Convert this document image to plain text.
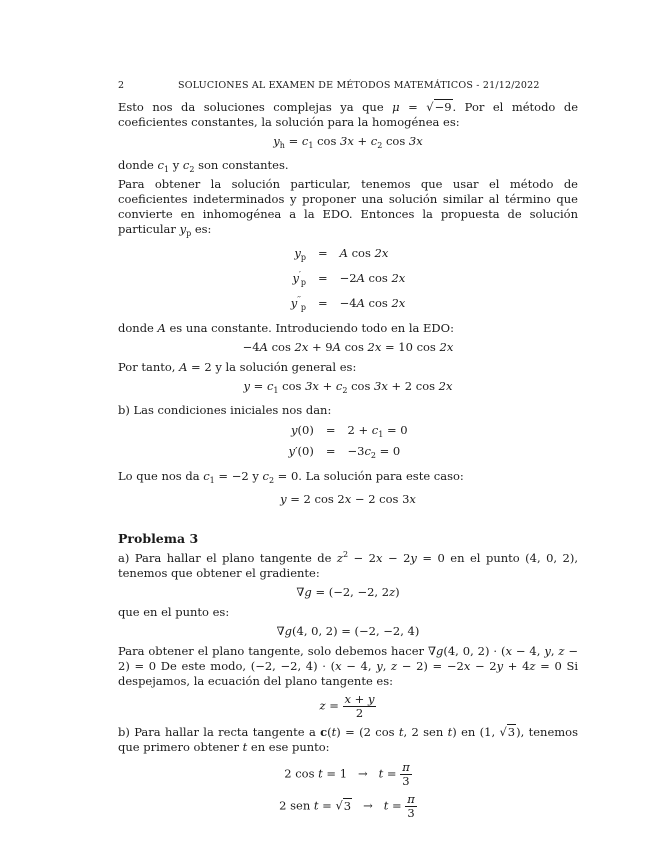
2	SOLUCIONES AL EXAMEN DE MÉTODOS MATEMÁTICOS - 21/12/2022

Esto nos da soluciones complejas ya que μ = √−9. Por el método de coeficientes constantes, la solución para la homogénea es:

$y_h = c_1$ $\cos 3x + c_2$ cos 3x

donde $c_1$ y $c_2$ son constantes.

Para obtener la solución particular, tenemos que usar el método de coeficientes indeterminados y proponer una solución similar al término que convierte en inhomogénea a la EDO. Entonces la propuesta de solución particular $y_p$ es:

$y_p$	=	A cos 2x
$y'_p$	=	−2A cos 2x
$y''_p$	=	−4A cos 2x

donde A es una constante. Introduciendo todo en la EDO:

−4A cos 2x + 9A cos 2x = 10 cos 2x

Por tanto, A = 2 y la solución general es:

$y = c_1$ $\cos 3x + c_2$ cos 3x + 2 cos 2x

b) Las condiciones iniciales nos dan:

y(0)	=	$2 + c_1 = 0$
y′(0)	=	$-3c_2 = 0$

Lo que nos da $c_1 = -2$ y $c_2 = 0$. La solución para este caso:

y = 2 cos 2x − 2 cos 3x
Problema 3

a) Para hallar el plano tangente de $z^2 - 2x - 2y = 0$ en el punto (4, 0, 2), tenemos que obtener el gradiente:

∇g = (−2, −2, 2z)

que en el punto es:

∇g(4, 0, 2) = (−2, −2, 4)

Para obtener el plano tangente, solo debemos hacer ∇g(4, 0, 2) · (x − 4, y, z − 2) = 0 De este modo, (−2, −2, 4) · (x − 4, y, z − 2) = −2x − 2y + 4z = 0 Si despejamos, la ecuación del plano tangente es:

$z = \frac{x + y}{2}$

b) Para hallar la recta tangente a c(t) = (2 cos t, 2 sen t) en (1, √3), tenemos que primero obtener t en ese punto:

2 $\cos t = 1 \to t = \frac{\pi}{3}$
2 sen $t = √3 \to t = \frac{\pi}{3}$
